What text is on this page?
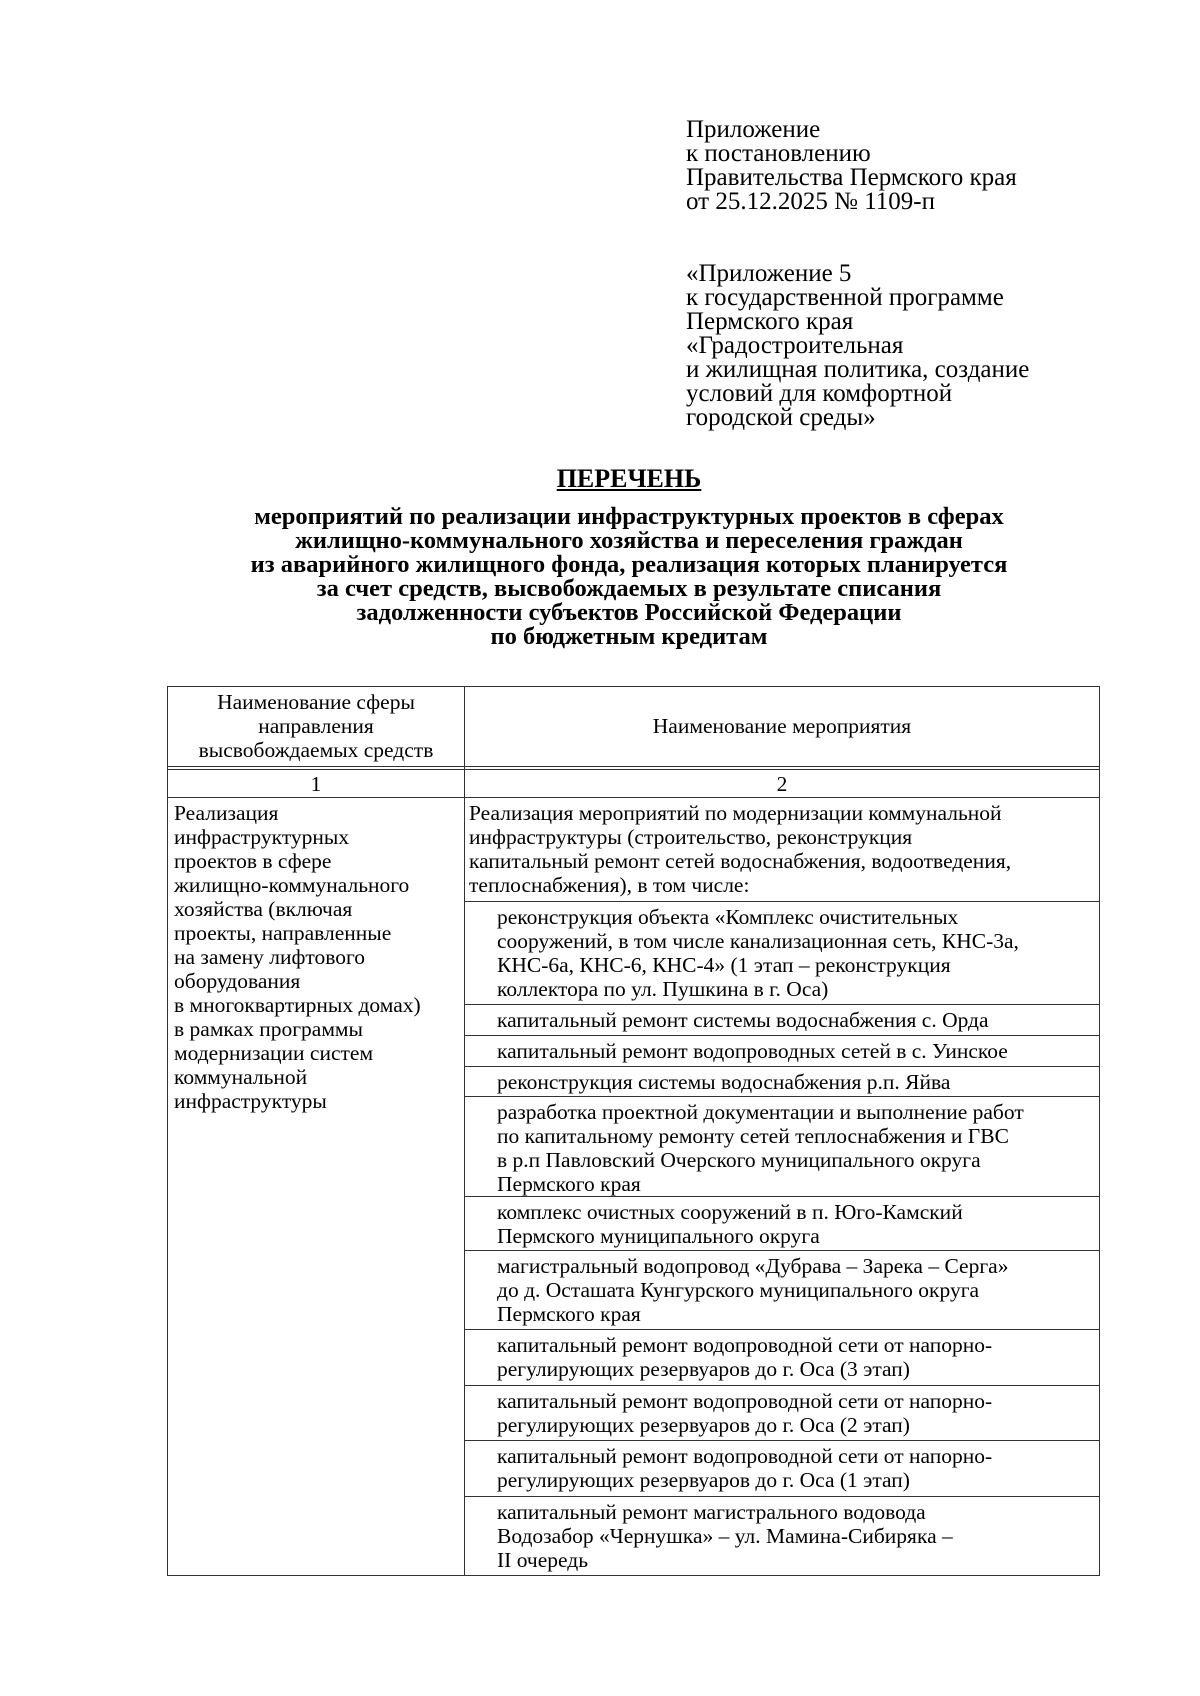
Приложение
к постановлению
Правительства Пермского края
от 25.12.2025 № 1109-п
«Приложение 5
к государственной программе
Пермского края
«Градостроительная
и жилищная политика, создание
условий для комфортной
городской среды»
ПЕРЕЧЕНЬ
мероприятий по реализации инфраструктурных проектов в сферах
жилищно-коммунального хозяйства и переселения граждан
из аварийного жилищного фонда, реализация которых планируется
за счет средств, высвобождаемых в результате списания
задолженности субъектов Российской Федерации
по бюджетным кредитам
Наименование сферы
направления
высвобождаемых средств
Наименование мероприятия
1	2
Реализация
инфраструктурных
проектов в сфере
жилищно-коммунального
хозяйства (включая
проекты, направленные
на замену лифтового
оборудования
в многоквартирных домах)
в рамках программы
модернизации систем
коммунальной
инфраструктуры
Реализация мероприятий по модернизации коммунальной
инфраструктуры (строительство, реконструкция
капитальный ремонт сетей водоснабжения, водоотведения,
теплоснабжения), в том числе:
реконструкция объекта «Комплекс очистительных
сооружений, в том числе канализационная сеть, КНС-3а,
КНС-6а, КНС-6, КНС-4» (1 этап – реконструкция
коллектора по ул. Пушкина в г. Оса)
капитальный ремонт системы водоснабжения с. Орда
капитальный ремонт водопроводных сетей в с. Уинское
реконструкция системы водоснабжения р.п. Яйва
разработка проектной документации и выполнение работ
по капитальному ремонту сетей теплоснабжения и ГВС
в р.п Павловский Очерского муниципального округа
Пермского края
комплекс очистных сооружений в п. Юго-Камский
Пермского муниципального округа
магистральный водопровод «Дубрава – Зарека – Серга»
до д. Осташата Кунгурского муниципального округа
Пермского края
капитальный ремонт водопроводной сети от напорно-
регулирующих резервуаров до г. Оса (3 этап)
капитальный ремонт водопроводной сети от напорно-
регулирующих резервуаров до г. Оса (2 этап)
капитальный ремонт водопроводной сети от напорно-
регулирующих резервуаров до г. Оса (1 этап)
капитальный ремонт магистрального водовода
Водозабор «Чернушка» – ул. Мамина-Сибиряка –
II очередь
